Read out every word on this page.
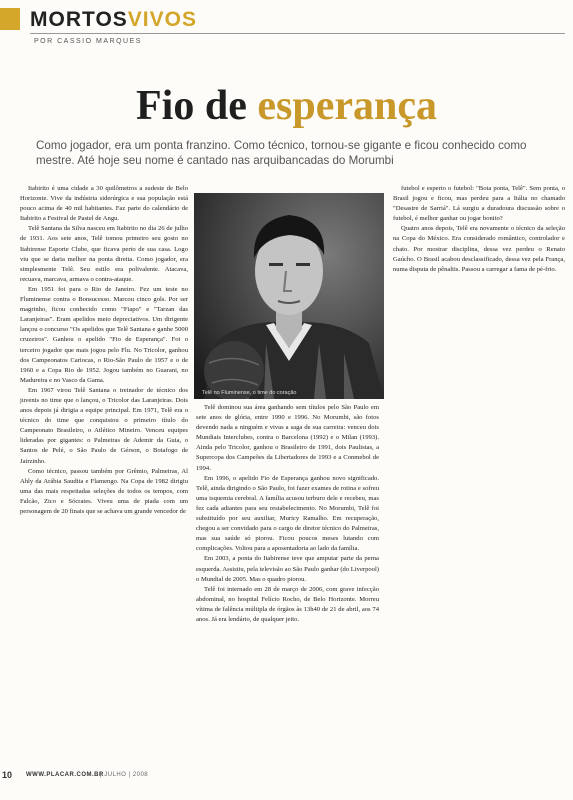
MORTOSVIVOS
POR CASSIO MARQUES
Fio de esperança
Como jogador, era um ponta franzino. Como técnico, tornou-se gigante e ficou conhecido como mestre. Até hoje seu nome é cantado nas arquibancadas do Morumbi

Itabirito é uma cidade a 30 quilômetros a sudeste de Belo Horizonte. Vive da indústria siderúrgica e sua população está pouco acima de 40 mil habitantes. Faz parte do calendário de Itabirito a Festival de Pastel de Angu.

Telê Santana da Silva nasceu em Itabirito no dia 26 de julho de 1931. Aos sete anos, Telê tomou primeiro seu gosto no Itabirense Esporte Clube, que ficava perto de sua casa. Logo viu que se daria melhor na ponta direita. Como jogador, era simplesmente Telê. Seu estilo era polivalente. Atacava, recuava, marcava, armava o contra-ataque.

Em 1951 foi para o Rio de Janeiro. Fez um teste no Fluminense contra o Bonsucesso. Marcou cinco gols. Por ser magrinho, ficou conhecido como "Fiapo" e "Tarzan das Laranjeiras". Eram apelidos meio depreciativos. Um dirigente lançou o concurso "Os apelidos que Telê Santana e ganhe 5000 cruzeiros". Ganhou o apelido "Fio de Esperança". Foi o terceiro jogador que mais jogou pelo Flu. No Tricolor, ganhou dos Campeonatos Cariocas, o Rio-São Paulo de 1957 e o de 1960 e a Copa Rio de 1952. Jogou também no Guarani, no Madureira e no Vasco da Gama.

Em 1967 virou Telê Santana o treinador de técnico dos juvenis no time que o lançou, o Tricolor das Laranjeiras. Dois anos depois já dirigia a equipe principal. Em 1971, Telê era o técnico do time que conquistou o primeiro título do Campeonato Brasileiro, o Atlético Mineiro. Venceu equipes lideradas por gigantes: o Palmeiras de Ademir da Guia, o Santos de Pelé, o São Paulo de Gérson, o Botafogo de Jairzinho.

Como técnico, passou também por Grêmio, Palmeiras, Al Ahly da Arábia Saudita e Flamengo. Na Copa de 1982 dirigiu uma das mais respeitadas seleções de todos os tempos, com Falcão, Zico e Sócrates. Viveu uma de piada com um personagem de 20 finais que se achava um grande vencedor de

Telê no Fluminense, o time do coração

Telê dominou sua área ganhando sem títulos pelo São Paulo em sete anos de glória, entre 1990 e 1996. No Morumbi, são fotos devendo nada a ninguém e vivas a saga de sua carreira: venceu dois Mundiais Interclubes, contra o Barcelona (1992) e o Milan (1993). Ainda pelo Tricolor, ganhou o Brasileiro de 1991, dois Paulistas, a Supercopa dos Campeões da Libertadores de 1993 e a Conmebol de 1994.

Em 1996, o apelido Fio de Esperança ganhou novo significado. Telê, ainda dirigindo o São Paulo, foi fazer exames de rotina e sofreu uma isquemia cerebral. A família acusou terburo dele e recebeu, mas fez cada adiantes para seu restabelecimento. No Morumbi, Telê foi substituído por seu auxiliar, Muricy Ramalho. Em recuperação, chegou a ser convidado para o cargo de diretor técnico do Palmeiras, mas sua saúde só piorou. Ficou poucos meses lutando com complicações. Voltou para a aposentadoria ao lado da família.

Em 2003, a ponta do Itabirense teve que amputar parte da perna esquerda. Assistiu, pela televisão ao São Paulo ganhar (do Liverpool) o Mundial de 2005. Mas o quadro piorou.

Telê foi internado em 28 de março de 2006, com grave infecção abdominal, no hospital Felício Rocho, de Belo Horizonte. Morreu vítima de falência múltipla de órgãos às 13h40 de 21 de abril, aos 74 anos. Já era lendário, de qualquer jeito.

futebol e esperto o futebol: "Bota ponta, Telê". Sem ponta, o Brasil jogou e ficou, mas perdeu para a Itália no chamado "Desastre de Sarriá". Lá surgiu a duradoura discussão sobre o futebol, é melhor ganhar ou jogar bonito?

Quatro anos depois, Telê era novamente o técnico da seleção na Copa do México. Era considerado romântico, controlador e chato. Por mostrar disciplina, dessa vez perdeu o Renato Gaúcho. O Brasil acabou desclassificado, dessa vez pela França, numa disputa de pênaltis. Passou a carregar a fama de pé-frio.

10 WWW.PLACAR.COM.BR
| JULHO | 2008
